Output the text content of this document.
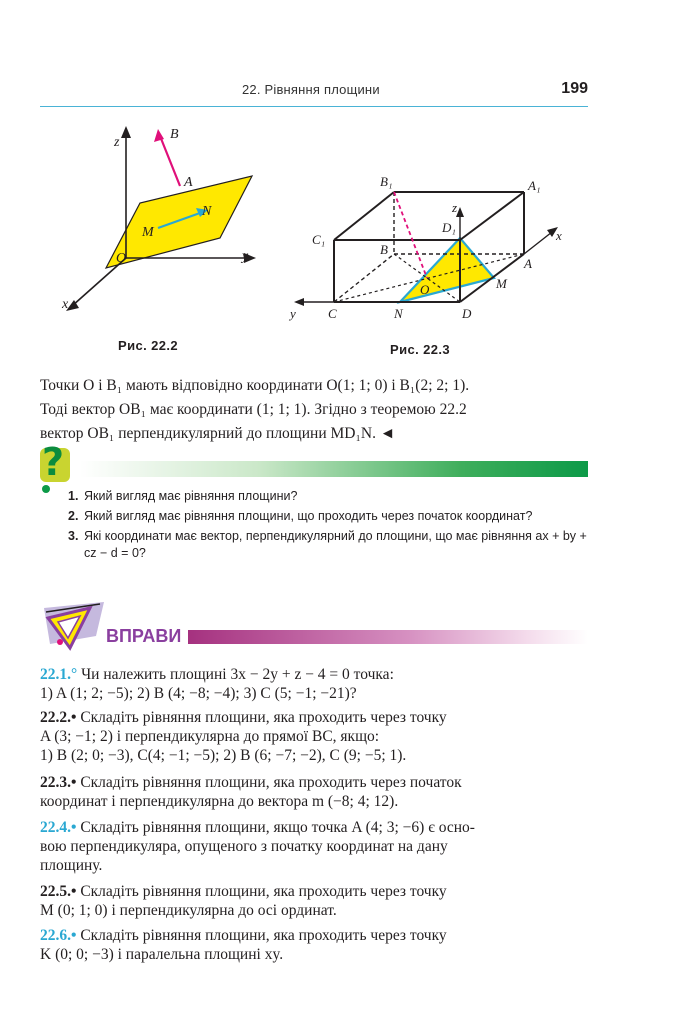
22. Рівняння площини	199
z
y
x
O
A
B
M
N
Рис. 22.2
B₁	A₁
C₁
D₁
z
x
y
B
A
O	M
C	N	D
Рис. 22.3
Точки O і B₁ мають відповідно координати O(1; 1; 0) і B₁(2; 2; 1).
Тоді вектор OB₁ має координати (1; 1; 1). Згідно з теоремою 22.2
вектор OB₁ перпендикулярний до площини MD₁N. ◄
?
1. Який вигляд має рівняння площини?
2. Який вигляд має рівняння площини, що проходить через початок координат?
3. Які координати має вектор, перпендикулярний до площини, що має рівняння ax + by + cz − d = 0?
ВПРАВИ

22.1.° Чи належить площині 3x − 2y + z − 4 = 0 точка:

1) A (1; 2; −5); 2) B (4; −8; −4); 3) C (5; −1; −21)?

22.2.• Складіть рівняння площини, яка проходить через точку

A (3; −1; 2) і перпендикулярна до прямої BC, якщо:

1) B (2; 0; −3), C(4; −1; −5); 2) B (6; −7; −2), C (9; −5; 1).

22.3.• Складіть рівняння площини, яка проходить через початок

координат і перпендикулярна до вектора m (−8; 4; 12).

22.4.• Складіть рівняння площини, якщо точка A (4; 3; −6) є осно-

вою перпендикуляра, опущеного з початку координат на дану

площину.

22.5.• Складіть рівняння площини, яка проходить через точку

M (0; 1; 0) і перпендикулярна до осі ординат.

22.6.• Складіть рівняння площини, яка проходить через точку

K (0; 0; −3) і паралельна площині xy.
